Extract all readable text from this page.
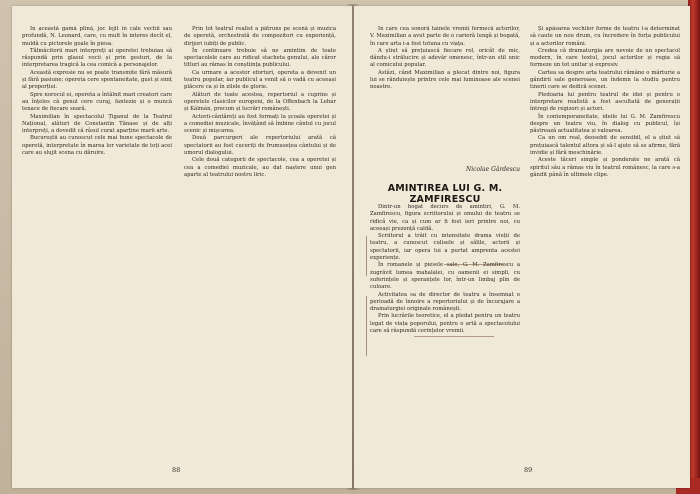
În această gamă plină, joc lejit în cale vechii sau profundă, N. Leonard, care, cu mult în interes decît el, muldă cu pictorele goale în piesa.

Tălmăcitorii mari interpreți ai operetei trebuiau să răspundă prin glasul vocii și prin gesturi, de la interpretarea tragică la cea comică a personajelor.

Această expresie nu se poate transmite fără măsură și fără pasiune; opereta cere spontaneitate, gust și simț al proporției.

Spre norocul ei, opereta a întâlnit mari creatori care au înțeles că genul cere curaj, fantezie și o muncă tenace de fiecare seară.

Maximilian în spectacolul Țiganul de la Teatrul Național, alături de Constantin Tănase și de alți interpreți, a dovedit că râsul curat aparține marii arte.

Bucureștii au cunoscut cele mai bune spectacole de operetă, interpretate în marea lor varietate de toți acei care au slujit scena cu dăruire.

Prin tot teatrul realist a pătruns pe scenă și muzica de operetă, orchestrată de compozitori cu experiență, dirijori iubiți de public.

În continuare trebuie să ne amintim de toate spectacolele care au ridicat stacheta genului, ale căror titluri au rămas în conștiința publicului.

Ca urmare a acestor eforturi, opereta a devenit un teatru popular, iar publicul a venit să o vadă cu aceeași plăcere ca și în zilele de glorie.

Alături de toate acestea, repertoriul a cuprins și operetele clasicilor europeni, de la Offenbach la Lehár și Kálmán, precum și lucrări românești.

Actorii-cântăreți au fost formați la școala operetei și a comediei muzicale, învățând să îmbine cântul cu jocul scenic și mișcarea.

Două parcurgeri ale repertoriului arată că spectatorii au fost cuceriți de frumusețea cântului și de umorul dialogului.

Cele două categorii de spectacole, cea a operetei și cea a comediei muzicale, au dat naștere unui gen aparte al teatrului nostru liric.

88

În care cea sonoră tainele vremii fermecă actorilor, V. Maximilian a avut parte de o carieră lungă și bogată, în care arta i-a fost totuna cu viața.

A știut să prețuiască fiecare rol, oricât de mic, dându-i strălucire și adevăr omenesc, într-un stil unic al comicului popular.

Astăzi, când Maximilian a plecat dintre noi, figura lui se rânduiește printre cele mai luminoase ale scenei noastre.

Nicolae Gârdescu
AMINTIREA LUI G. M. ZAMFIRESCU

Dintr-un bogat decurs de amintiri, G. M. Zamfirescu, figura scriitorului și omului de teatru se ridică vie, ca și cum ar fi fost ieri printre noi, cu aceeași prezență caldă.

Scriitorul a trăit cu intensitate drama vieții de teatru, a cunoscut culisele și sălile, actorii și spectatorii, iar opera lui a purtat amprenta acestei experiențe.

În romanele și piesele sale, G. M. Zamfirescu a zugrăvit lumea mahalalei, cu oamenii ei simpli, cu suferințele și speranțele lor, într-un limbaj plin de culoare.

Activitatea sa de director de teatru a însemnat o perioadă de înnoire a repertoriului și de încurajare a dramaturgiei originale românești.

Prin lucrările teoretice, el a pledat pentru un teatru legat de viața poporului, pentru o artă a spectacolului care să răspundă cerințelor vremii.

Și apăsarea vechilor forme de teatru l-a determinat să caute un nou drum, cu încredere în forța publicului și a actorilor români.

Credea că dramaturgia are nevoie de un spectacol modern, în care textul, jocul actorilor și regia să formeze un tot unitar și expresiv.

Cartea sa despre arta teatrului rămâne o mărturie a gândirii sale generoase, un îndemn la studiu pentru tinerii care se dedică scenei.

Pledoaria lui pentru teatrul de idei și pentru o interpretare realistă a fost ascultată de generații întregi de regizori și actori.

În contemporaneitate, ideile lui G. M. Zamfirescu despre un teatru viu, în dialog cu publicul, își păstrează actualitatea și valoarea.

Ca un om real, deosebit de sensibil, el a știut să prețuiască talentul altora și să-l ajute să se afirme, fără invidie și fără meschinărie.

Aceste tăceri simple și ponderate ne arată că spiritul său a rămas viu în teatrul românesc, la care s-a gândit până în ultimele clipe.

89
